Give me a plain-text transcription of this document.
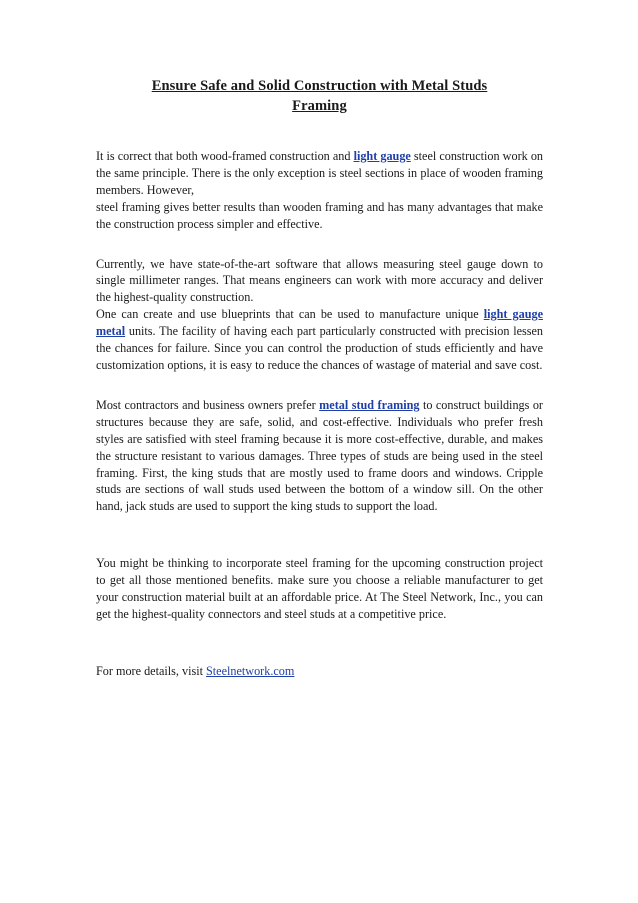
Ensure Safe and Solid Construction with Metal Studs
Framing

It is correct that both wood-framed construction and light gauge steel construction work on the same principle. There is the only exception is steel sections in place of wooden framing members. However,
steel framing gives better results than wooden framing and has many advantages that make the construction process simpler and effective.

Currently, we have state-of-the-art software that allows measuring steel gauge down to single millimeter ranges. That means engineers can work with more accuracy and deliver the highest-quality construction.
One can create and use blueprints that can be used to manufacture unique light gauge metal units. The facility of having each part particularly constructed with precision lessen the chances for failure. Since you can control the production of studs efficiently and have customization options, it is easy to reduce the chances of wastage of material and save cost.

Most contractors and business owners prefer metal stud framing to construct buildings or structures because they are safe, solid, and cost-effective. Individuals who prefer fresh styles are satisfied with steel framing because it is more cost-effective, durable, and makes the structure resistant to various damages. Three types of studs are being used in the steel framing. First, the king studs that are mostly used to frame doors and windows. Cripple studs are sections of wall studs used between the bottom of a window sill. On the other hand, jack studs are used to support the king studs to support the load.

You might be thinking to incorporate steel framing for the upcoming construction project to get all those mentioned benefits. make sure you choose a reliable manufacturer to get your construction material built at an affordable price. At The Steel Network, Inc., you can get the highest-quality connectors and steel studs at a competitive price.

For more details, visit Steelnetwork.com
